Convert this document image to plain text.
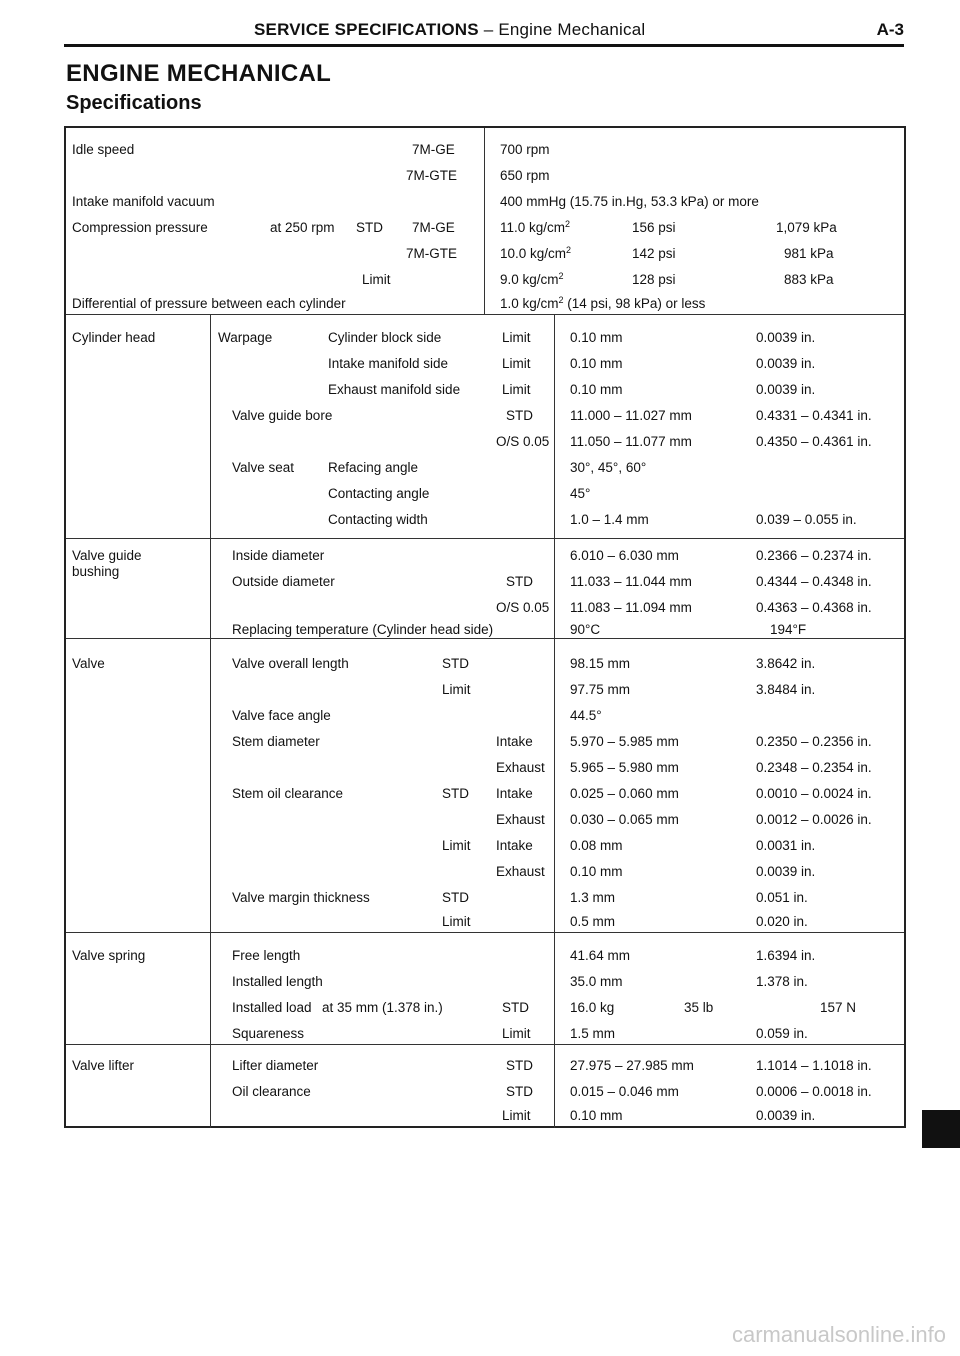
SERVICE SPECIFICATIONS – Engine Mechanical	A-3
ENGINE MECHANICAL
Specifications
Idle speed	7M-GE	700 rpm
7M-GTE	650 rpm
Intake manifold vacuum	400 mmHg (15.75 in.Hg, 53.3 kPa) or more
Compression pressure	at 250 rpm STD 7M-GE	11.0 $kg/cm^2$	156 psi	1,079 kPa
7M-GTE	10.0 $kg/cm^2$	142 psi	981 kPa
Limit	9.0 $kg/cm^2$	128 psi	883 kPa
Differential of pressure between each cylinder	1.0 $kg/cm^2$ (14 psi, 98 kPa) or less
Cylinder head	Warpage	Cylinder block side	Limit	0.10 mm	0.0039 in.
Intake manifold side	Limit	0.10 mm	0.0039 in.
Exhaust manifold side	Limit	0.10 mm	0.0039 in.
Valve guide bore	STD	11.000 – 11.027 mm	0.4331 – 0.4341 in.
O/S 0.05 11.050 – 11.077 mm	0.4350 – 0.4361 in.
Valve seat	Refacing angle	30°, 45°, 60°
Contacting angle	45°
Contacting width	1.0 – 1.4 mm	0.039 – 0.055 in.
Valve guide
bushing
Inside diameter	6.010 – 6.030 mm	0.2366 – 0.2374 in.
Outside diameter	STD	11.033 – 11.044 mm	0.4344 – 0.4348 in.
O/S 0.05 11.083 – 11.094 mm	0.4363 – 0.4368 in.
Replacing temperature (Cylinder head side)	90°C	194°F
Valve	Valve overall length	STD	98.15 mm	3.8642 in.
Limit	97.75 mm	3.8484 in.
Valve face angle	44.5°
Stem diameter	Intake	5.970 – 5.985 mm	0.2350 – 0.2356 in.
Exhaust 5.965 – 5.980 mm	0.2348 – 0.2354 in.
Stem oil clearance	STD Intake	0.025 – 0.060 mm	0.0010 – 0.0024 in.
Exhaust 0.030 – 0.065 mm	0.0012 – 0.0026 in.
Limit Intake	0.08 mm	0.0031 in.
Exhaust 0.10 mm	0.0039 in.
Valve margin thickness	STD	1.3 mm	0.051 in.
Limit	0.5 mm	0.020 in.
Valve spring	Free length	41.64 mm	1.6394 in.
Installed length	35.0 mm	1.378 in.
Installed load at 35 mm (1.378 in.)	STD	16.0 kg	35 lb	157 N
Squareness	Limit	1.5 mm	0.059 in.
Valve lifter	Lifter diameter	STD	27.975 – 27.985 mm	1.1014 – 1.1018 in.
Oil clearance	STD	0.015 – 0.046 mm	0.0006 – 0.0018 in.
Limit	0.10 mm	0.0039 in.
carmanualsonline.info
